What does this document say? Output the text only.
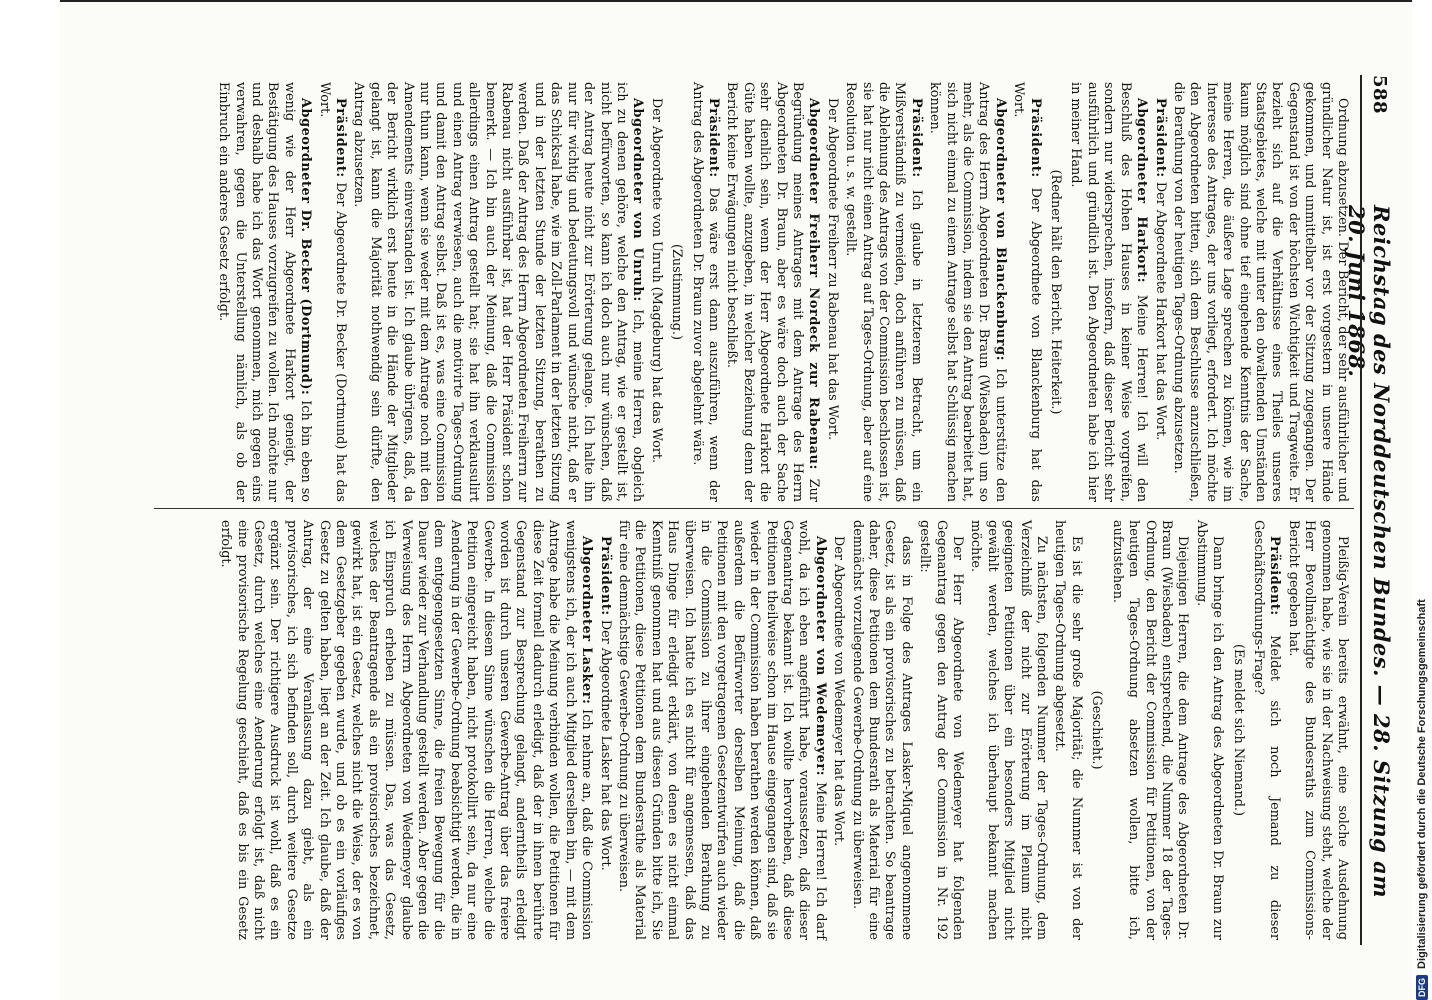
588
Reichstag des Norddeutschen Bundes. — 28. Sitzung am 20. Juni 1868.

Ordnung abzusetzen. Der Bericht, der sehr ausführlicher und gründlicher Natur ist, ist erst vorgestern in unsere Hände gekommen, und unmittelbar vor der Sitzung zugegangen. Der Gegenstand ist von der höchsten Wichtigkeit und Tragweite. Er bezieht sich auf die Verhältnisse eines Theiles unseres Staatsgebietes, welche mit unter den obwaltenden Umständen kaum möglich sind ohne tief eingehende Kenntnis der Sache, meine Herren, die äußere Lage sprechen zu können, wie im Interesse des Antrages, der uns vorliegt, erfordert. Ich möchte den Abgeordneten bitten, sich dem Beschlusse anzuschließen, die Berathung von der heutigen Tages-Ordnung abzusetzen.

Präsident: Der Abgeordnete Harkort hat das Wort.

Abgeordneter Harkort: Meine Herren! Ich will den Beschluß des Hohen Hauses in keiner Weise vorgreifen, sondern nur widersprechen, insofern, daß dieser Bericht sehr ausführlich und gründlich ist. Den Abgeordneten habe ich hier in meiner Hand.

(Redner hält den Bericht. Heiterkeit.)

Präsident: Der Abgeordnete von Blanckenburg hat das Wort.

Abgeordneter von Blanckenburg: Ich unterstütze den Antrag des Herrn Abgeordneten Dr. Braun (Wiesbaden) um so mehr, als die Commission, indem sie den Antrag bearbeitet hat, sich nicht einmal zu einem Antrage selbst hat Schlüssig machen können.

Präsident: Ich glaube in letzterem Betracht, um ein Mißverständniß zu vermeiden, doch anführen zu müssen, daß die Ablehnung des Antrags von der Commission beschlossen ist, sie hat nur nicht einen Antrag auf Tages-Ordnung, aber auf eine Resolution u. s. w. gestellt.

Der Abgeordnete Freiherr zu Rabenau hat das Wort.

Abgeordneter Freiherr Nordeck zur Rabenau: Zur Begründung meines Antrages mit dem Antrage des Herrn Abgeordneten Dr. Braun, aber es wäre doch auch der Sache sehr dienlich sein, wenn der Herr Abgeordnete Harkort die Güte haben wollte, anzugeben, in welcher Beziehung denn der Bericht keine Erwägungen nicht beschließt.

Präsident: Das wäre erst dann auszuführen, wenn der Antrag des Abgeordneten Dr. Braun zuvor abgelehnt wäre.

(Zustimmung.)

Der Abgeordnete von Unruh (Magdeburg) hat das Wort.

Abgeordneter von Unruh: Ich, meine Herren, obgleich ich zu denen gehöre, welche den Antrag, wie er gestellt ist, nicht befürworten, so kann ich doch auch nur wünschen, daß der Antrag heute nicht zur Erörterung gelange. Ich halte ihn nur für wichtig und bedeutungsvoll und wünsche nicht, daß er das Schicksal habe, wie im Zoll-Parlament in der letzten Sitzung und in der letzten Stunde der letzten Sitzung, berathen zu werden. Daß der Antrag des Herrn Abgeordneten Freiherrn zur Rabenau nicht ausführbar ist, hat der Herr Präsident schon bemerkt. — Ich bin auch der Meinung, daß die Commission allerdings einen Antrag gestellt hat; sie hat ihn verklausulirt und einen Antrag verwiesen, auch die motivirte Tages-Ordnung und damit den Antrag selbst. Daß ist es, was eine Commission nur thun kann, wenn sie weder mit dem Antrage noch mit den Amendements einverstanden ist. Ich glaube übrigens, daß, da der Bericht wirklich erst heute in die Hände der Mitglieder gelangt ist, kann die Majorität nothwendig sein dürfte, den Antrag abzusetzen.

Präsident: Der Abgeordnete Dr. Becker (Dortmund) hat das Wort.

Abgeordneter Dr. Becker (Dortmund): Ich bin eben so wenig wie der Herr Abgeordnete Harkort geneigt, der Bestätigung des Hauses vorzugreifen zu wollen. Ich möchte nur und deshalb habe ich das Wort genommen, mich gegen eins verwahren, gegen die Unterstellung nämlich, als ob der Einbruch ein anderes Gesetz erfolgt.

Pleißig-Verein bereits erwähnt, eine solche Ausdehnung genommen habe, wie sie in der Nachweisung steht, welche der Herr Bevollmächtigte des Bundesraths zum Commissions-Bericht gegeben hat.

Präsident: Meldet sich noch Jemand zu dieser Geschäftsordnungs-Frage?

(Es meldet sich Niemand.)

Dann bringe ich den Antrag des Abgeordneten Dr. Braun zur Abstimmung.

Diejenigen Herren, die dem Antrage des Abgeordneten Dr. Braun (Wiesbaden) entsprechend, die Nummer 18 der Tages-Ordnung, den Bericht der Commission für Petitionen, von der heutigen Tages-Ordnung absetzen wollen, bitte ich, aufzustehen.

(Geschieht.)

Es ist die sehr große Majorität; die Nummer ist von der heutigen Tages-Ordnung abgesetzt.

Zu nächsten, folgenden Nummer der Tages-Ordnung, dem Verzeichniß der nicht zur Erörterung im Plenum nicht geeigneten Petitionen über ein besonders Mitglied nicht gewählt werden, welches ich überhaupt bekannt machen möchte.

Der Herr Abgeordnete von Wedemeyer hat folgenden Gegenantrag gegen den Antrag der Commission in Nr. 192 gestellt:

dass in Folge des Antrages Lasker-Miquel angenommene Gesetz, ist als ein provisorisches zu betrachten. So beantrage daher, diese Petitionen dem Bundesrath als Material für eine demnächst vorzulegende Gewerbe-Ordnung zu überweisen.

Der Abgeordnete von Wedemeyer hat das Wort.

Abgeordneter von Wedemeyer: Meine Herren! Ich darf wohl, da ich eben angeführt habe, voraussetzen, daß dieser Gegenantrag bekannt ist. Ich wollte hervorheben, daß diese Petitionen theilweise schon im Hause eingegangen sind, daß sie wieder in der Commission haben berathen werden können, daß außerdem die Befürworter derselben Meinung, daß die Petitionen mit den vorgetragenen Gesetzentwürfen auch wieder in die Commission zu ihrer eingehenden Berathung zu überweisen. Ich hatte ich es nicht für angemessen, daß das Haus Dinge für erledigt erklärt, von denen es nicht einmal Kenntniß genommen hat und aus diesen Gründen bitte ich, Sie die Petitionen, diese Petitionen dem Bundesrathe als Material für eine demnächstige Gewerbe-Ordnung zu überweisen.

Präsident: Der Abgeordnete Lasker hat das Wort.

Abgeordneter Lasker: Ich nehme an, daß die Commission wenigstens ich, der ich auch Mitglied derselben bin, — mit dem Antrage habe die Meinung verbinden wollen, die Petitionen für diese Zeit formell dadurch erledigt, daß der in ihnen berührte Gegenstand zur Besprechung gelangt, anderntheils erledigt worden ist durch unseren Gewerbe-Antrag über das freiere Gewerbe. In diesem Sinne wünschen die Herren, welche die Petition eingereicht haben, nicht protokollirt sein, da nur eine Aenderung in der Gewerbe-Ordnung beabsichtigt werden, die in dem entgegengesetzten Sinne, die freien Bewegung für die Dauer wieder zur Verhandlung gestellt werden. Aber gegen die Verweisung des Herrn Abgeordneten von Wedemeyer glaube ich Einspruch erheben zu müssen. Das, was das Gesetz, welches der Beantragende als ein provisorisches bezeichnet, gewirkt hat, ist ein Gesetz, welches nicht die Weise, der es von dem Gesetzgeber gegeben wurde, und ob es ein vorläufiges Gesetz zu gelten haben, liegt an der Zeit. Ich glaube, daß der Antrag, der eine Veranlassung dazu giebt, als ein provisorisches, ich sich befinden soll, durch weitere Gesetze ergänzt sein. Der richtigere Ausdruck ist wohl, daß es ein Gesetz, durch welches eine Aenderung erfolgt ist, daß nicht eine provisorische Regelung geschieht, daß es bis ein Gesetz erfolgt.

DFG
Digitalisierung gefördert durch die Deutsche Forschungsgemeinschaft
